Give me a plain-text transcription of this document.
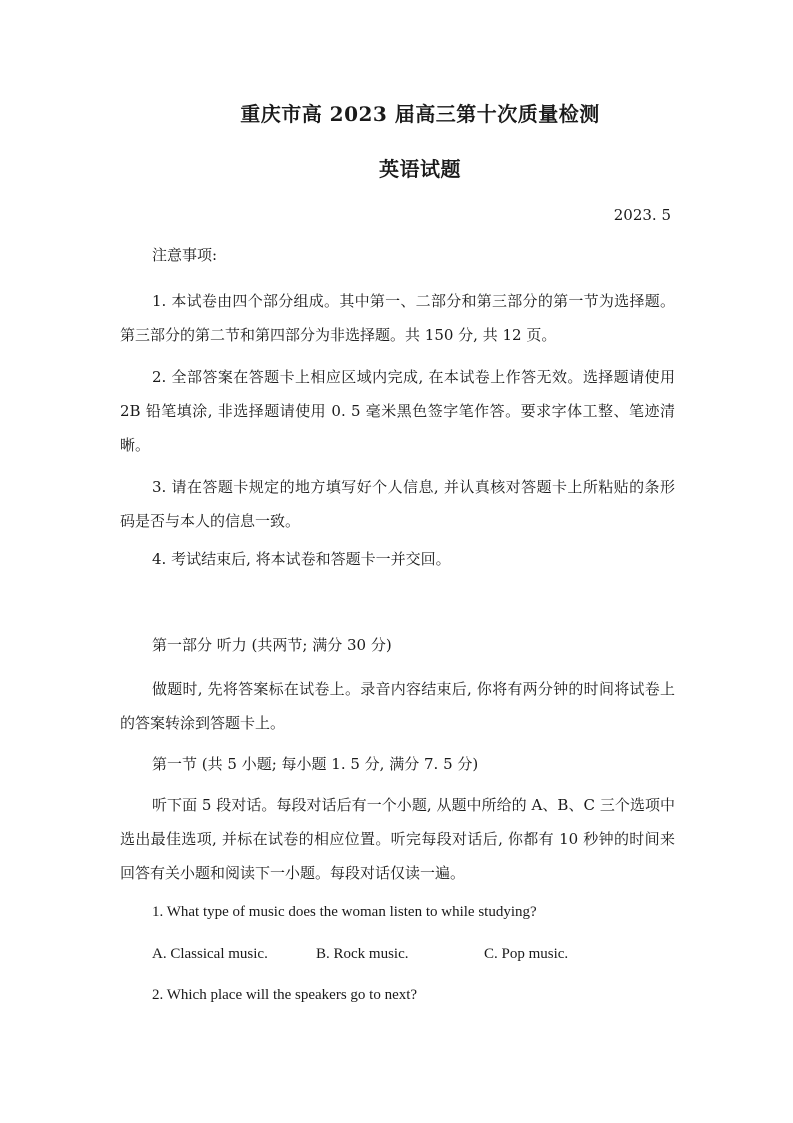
重庆市高 2023 届高三第十次质量检测
英语试题
2023. 5
注意事项:
1. 本试卷由四个部分组成。其中第一、二部分和第三部分的第一节为选择题。第三部分的第二节和第四部分为非选择题。共 150 分, 共 12 页。
2. 全部答案在答题卡上相应区域内完成, 在本试卷上作答无效。选择题请使用 2B 铅笔填涂, 非选择题请使用 0. 5 毫米黑色签字笔作答。要求字体工整、笔迹清晰。
3. 请在答题卡规定的地方填写好个人信息, 并认真核对答题卡上所粘贴的条形码是否与本人的信息一致。
4. 考试结束后, 将本试卷和答题卡一并交回。
第一部分 听力 (共两节; 满分 30 分)
做题时, 先将答案标在试卷上。录音内容结束后, 你将有两分钟的时间将试卷上的答案转涂到答题卡上。
第一节 (共 5 小题; 每小题 1. 5 分, 满分 7. 5 分)
听下面 5 段对话。每段对话后有一个小题, 从题中所给的 A、B、C 三个选项中选出最佳选项, 并标在试卷的相应位置。听完每段对话后, 你都有 10 秒钟的时间来回答有关小题和阅读下一小题。每段对话仅读一遍。
1. What type of music does the woman listen to while studying?
A. Classical music.	B. Rock music.	C. Pop music.
2. Which place will the speakers go to next?
